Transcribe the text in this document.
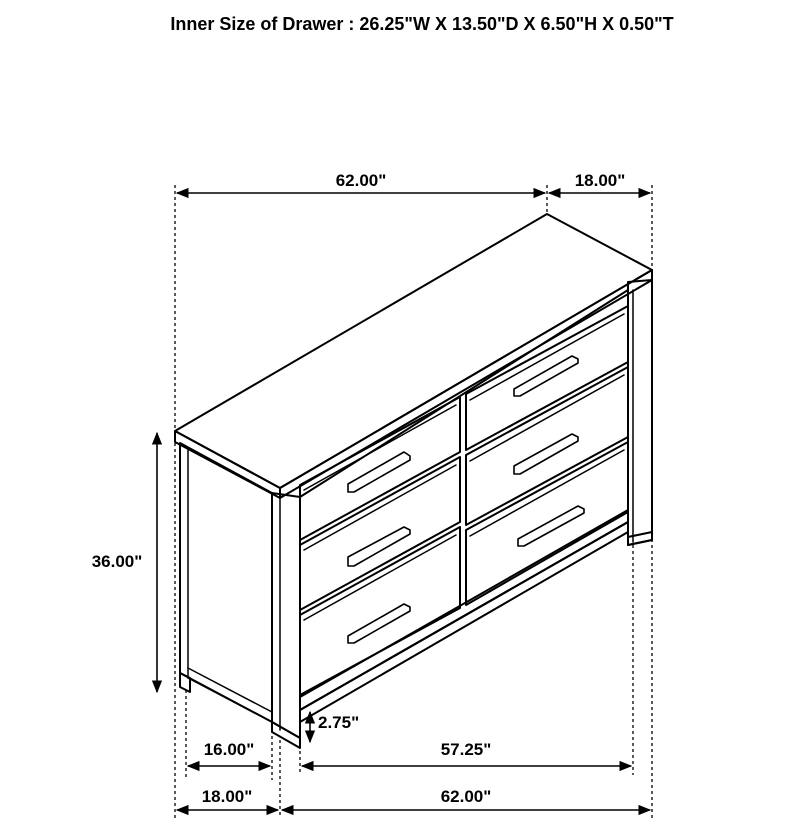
Inner Size of Drawer : 26.25"W X 13.50"D X 6.50"H X 0.50"T
62.00"	18.00"
36.00"
2.75"
16.00"	57.25"
18.00"	62.00"
